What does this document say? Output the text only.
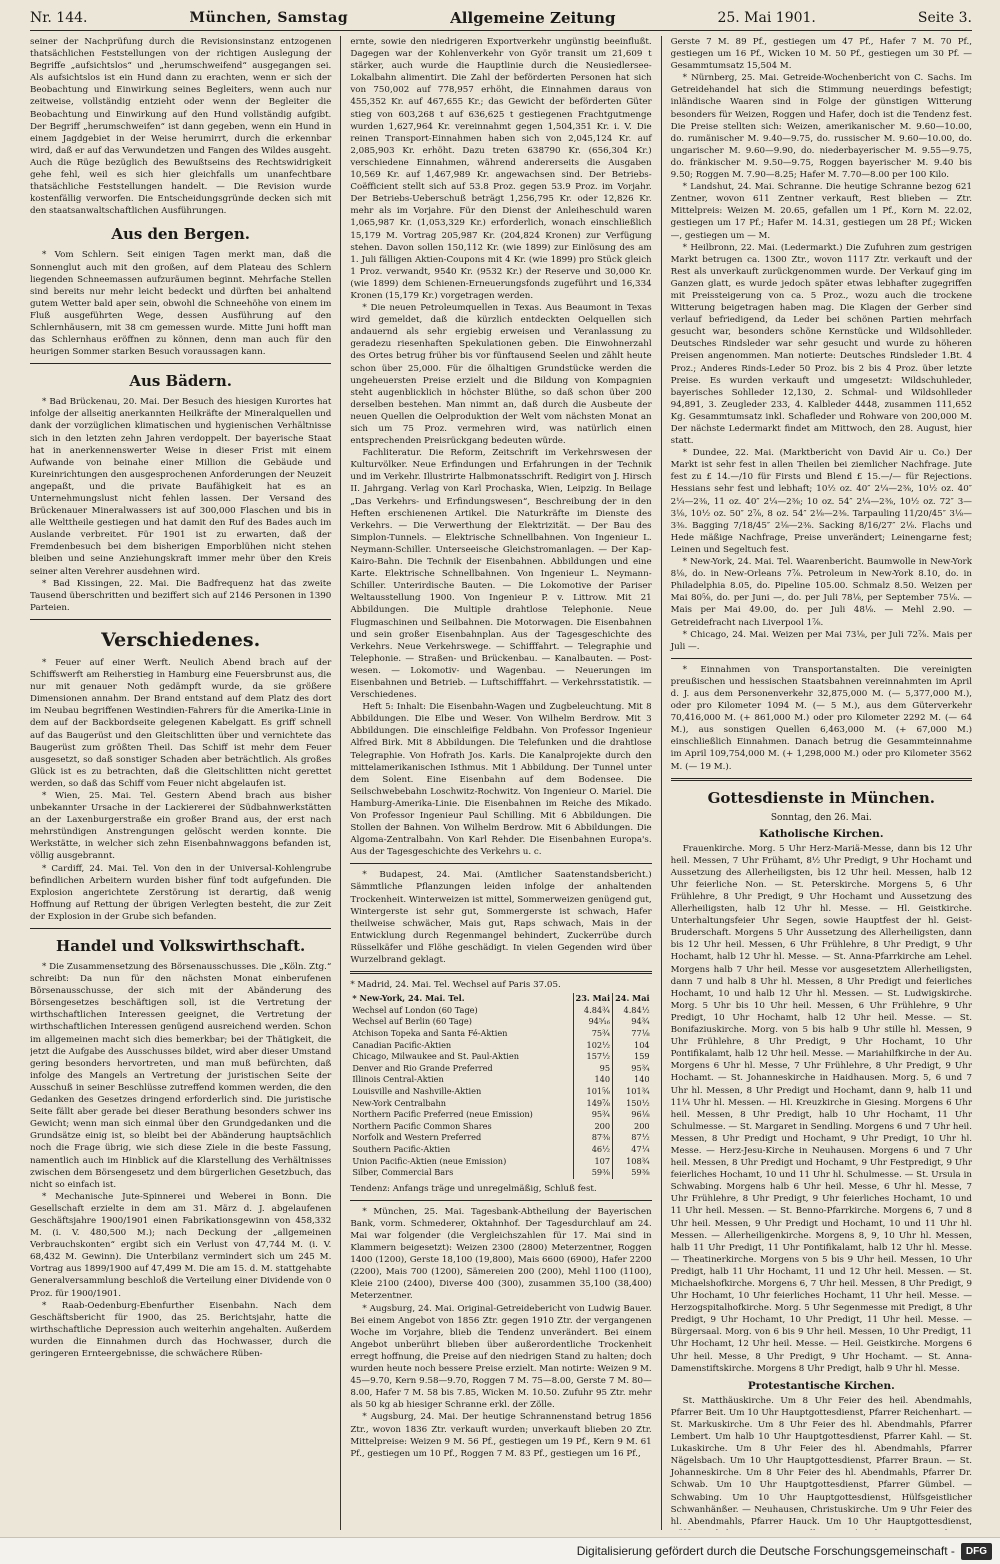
Nr. 144.	München, Samstag	Allgemeine Zeitung	25. Mai 1901.	Seite 3.

seiner der Nachprüfung durch die Revisionsinstanz entzogenen thatsächlichen Feststellungen von der richtigen Auslegung der Begriffe „aufsichtslos“ und „herumschweifend“ ausgegangen sei. Als aufsichtslos ist ein Hund dann zu erachten, wenn er sich der Beobachtung und Einwirkung seines Begleiters, wenn auch nur zeitweise, vollständig entzieht oder wenn der Begleiter die Beobachtung und Einwirkung auf den Hund vollständig aufgibt. Der Begriff „herumschweifen“ ist dann gegeben, wenn ein Hund in einem Jagdgebiet in der Weise herumirrt, durch die erkennbar wird, daß er auf das Verwundetzen und Fangen des Wildes ausgeht. Auch die Rüge bezüglich des Bewußtseins des Rechtswidrigkeit gehe fehl, weil es sich hier gleichfalls um unanfechtbare thatsächliche Feststellungen handelt. — Die Revision wurde kostenfällig verworfen. Die Entscheidungsgründe decken sich mit den staatsanwaltschaftlichen Ausführungen.

Aus den Bergen.

* Vom Schlern. Seit einigen Tagen merkt man, daß die Sonnenglut auch mit den großen, auf dem Plateau des Schlern liegenden Schneemassen aufzuräumen beginnt. Mehrfache Stellen sind bereits nur mehr leicht bedeckt und dürften bei anhaltend gutem Wetter bald aper sein, obwohl die Schneehöhe von einem im Fluß ausgeführten Wege, dessen Ausführung auf den Schlernhäusern, mit 38 cm gemessen wurde. Mitte Juni hofft man das Schlernhaus eröffnen zu können, denn man auch für den heurigen Sommer starken Besuch voraussagen kann.

Aus Bädern.

* Bad Brückenau, 20. Mai. Der Besuch des hiesigen Kurortes hat infolge der allseitig anerkannten Heilkräfte der Mineralquellen und dank der vorzüglichen klimatischen und hygienischen Verhältnisse sich in den letzten zehn Jahren verdoppelt. Der bayerische Staat hat in anerkennenswerter Weise in dieser Frist mit einem Aufwande von beinahe einer Million die Gebäude und Kureinrichtungen den ausgesprochenen Anforderungen der Neuzeit angepaßt, und die private Baufähigkeit hat es an Unternehmungslust nicht fehlen lassen. Der Versand des Brückenauer Mineralwassers ist auf 300,000 Flaschen und bis in alle Welttheile gestiegen und hat damit den Ruf des Bades auch im Auslande verbreitet. Für 1901 ist zu erwarten, daß der Fremdenbesuch bei dem bisherigen Emporblühen nicht stehen bleiben und seine Anziehungskraft immer mehr über den Kreis seiner alten Verehrer ausdehnen wird.

* Bad Kissingen, 22. Mai. Die Badfrequenz hat das zweite Tausend überschritten und beziffert sich auf 2146 Personen in 1390 Parteien.

Verschiedenes.

* Feuer auf einer Werft. Neulich Abend brach auf der Schiffswerft am Reiherstieg in Hamburg eine Feuersbrunst aus, die nur mit genauer Noth gedämpft wurde, da sie größere Dimensionen annahm. Der Brand entstand auf dem Platz des dort im Neubau begriffenen Westindien-Fahrers für die Amerika-Linie in dem auf der Backbordseite gelegenen Kabelgatt. Es griff schnell auf das Baugerüst und den Gleitschlitten über und vernichtete das Baugerüst zum größten Theil. Das Schiff ist mehr dem Feuer ausgesetzt, so daß sonstiger Schaden aber beträchtlich. Als großes Glück ist es zu betrachten, daß die Gleitschlitten nicht gerettet werden, so daß das Schiff vom Feuer nicht abgelaufen ist.

* Wien, 25. Mai. Tel. Gestern Abend brach aus bisher unbekannter Ursache in der Lackiererei der Südbahnwerkstätten an der Laxenburgerstraße ein großer Brand aus, der erst nach mehrstündigen Anstrengungen gelöscht werden konnte. Die Werkstätte, in welcher sich zehn Eisenbahnwaggons befanden ist, völlig ausgebrannt.

* Cardiff, 24. Mai. Tel. Von den in der Universal-Kohlengrube befindlichen Arbeitern wurden bisher fünf todt aufgefunden. Die Explosion angerichtete Zerstörung ist derartig, daß wenig Hoffnung auf Rettung der übrigen Verlegten besteht, die zur Zeit der Explosion in der Grube sich befanden.

Handel und Volkswirthschaft.

* Die Zusammensetzung des Börsenausschusses. Die „Köln. Ztg.“ schreibt: Da nun für den nächsten Monat einberufenen Börsenausschusse, der sich mit der Abänderung des Börsengesetzes beschäftigen soll, ist die Vertretung der wirthschaftlichen Interessen geeignet, die Vertretung der wirthschaftlichen Interessen genügend ausreichend werden. Schon im allgemeinen macht sich dies bemerkbar; bei der Thätigkeit, die jetzt die Aufgabe des Ausschusses bildet, wird aber dieser Umstand gering besonders hervortreten, und man muß befürchten, daß infolge des Mangels an Vertretung der juristischen Seite der Ausschuß in seiner Beschlüsse zutreffend kommen werden, die den Gedanken des Gesetzes dringend erforderlich sind. Die juristische Seite fällt aber gerade bei dieser Berathung besonders schwer ins Gewicht; wenn man sich einmal über den Grundgedanken und die Grundsätze einig ist, so bleibt bei der Abänderung hauptsächlich noch die Frage übrig, wie sich diese Ziele in die beste Fassung, namentlich auch im Hinblick auf die Klarstellung des Verhältnisses zwischen dem Börsengesetz und dem bürgerlichen Gesetzbuch, das nicht so einfach ist.

* Mechanische Jute-Spinnerei und Weberei in Bonn. Die Gesellschaft erzielte in dem am 31. März d. J. abgelaufenen Geschäftsjahre 1900/1901 einen Fabrikationsgewinn von 458,332 M. (i. V. 480,500 M.); nach Deckung der „allgemeinen Verbrauchskonten“ ergibt sich ein Verlust von 47,744 M. (i. V. 68,432 M. Gewinn). Die Unterbilanz vermindert sich um 245 M. Vortrag aus 1899/1900 auf 47,499 M. Die am 15. d. M. stattgehabte Generalversammlung beschloß die Verteilung einer Dividende von 0 Proz. für 1900/1901.

* Raab-Oedenburg-Ebenfurther Eisenbahn. Nach dem Geschäftsbericht für 1900, das 25. Berichtsjahr, hatte die wirthschaftliche Depression auch weiterhin angehalten. Außerdem wurden die Einnahmen durch das Hochwasser, durch die geringeren Ernteergebnisse, die schwächere Rüben-

ernte, sowie den niedrigeren Exportverkehr ungünstig beeinflußt. Dagegen war der Kohlenverkehr von Györ transit um 21,609 t stärker, auch wurde die Hauptlinie durch die Neusiedlersee-Lokalbahn alimentirt. Die Zahl der beförderten Personen hat sich von 750,002 auf 778,957 erhöht, die Einnahmen daraus von 455,352 Kr. auf 467,655 Kr.; das Gewicht der beförderten Güter stieg von 603,268 t auf 636,625 t gestiegenen Frachtgutmenge wurden 1,627,964 Kr. vereinnahmt gegen 1,504,351 Kr. i. V. Die reinen Transport-Einnahmen haben sich von 2,045,124 Kr. auf 2,085,903 Kr. erhöht. Dazu treten 638790 Kr. (656,304 Kr.) verschiedene Einnahmen, während andererseits die Ausgaben 10,569 Kr. auf 1,467,989 Kr. angewachsen sind. Der Betriebs-Coëfficient stellt sich auf 53.8 Proz. gegen 53.9 Proz. im Vorjahr. Der Betriebs-Ueberschuß beträgt 1,256,795 Kr. oder 12,826 Kr. mehr als im Vorjahre. Für den Dienst der Anleiheschuld waren 1,065,987 Kr. (1,053,329 Kr.) erforderlich, wonach einschließlich 15,179 M. Vortrag 205,987 Kr. (204,824 Kronen) zur Verfügung stehen. Davon sollen 150,112 Kr. (wie 1899) zur Einlösung des am 1. Juli fälligen Aktien-Coupons mit 4 Kr. (wie 1899) pro Stück gleich 1 Proz. verwandt, 9540 Kr. (9532 Kr.) der Reserve und 30,000 Kr. (wie 1899) dem Schienen-Erneuerungsfonds zugeführt und 16,334 Kronen (15,179 Kr.) vorgetragen werden.

* Die neuen Petroleumquellen in Texas. Aus Beaumont in Texas wird gemeldet, daß die kürzlich entdeckten Oelquellen sich andauernd als sehr ergiebig erweisen und Veranlassung zu geradezu riesenhaften Spekulationen geben. Die Einwohnerzahl des Ortes betrug früher bis vor fünftausend Seelen und zählt heute schon über 25,000. Für die ölhaltigen Grundstücke werden die ungeheuersten Preise erzielt und die Bildung von Kompagnien steht augenblicklich in höchster Blüthe, so daß schon über 200 derselben bestehen. Man nimmt an, daß durch die Ausbeute der neuen Quellen die Oelproduktion der Welt vom nächsten Monat an sich um 75 Proz. vermehren wird, was natürlich einen entsprechenden Preisrückgang bedeuten würde.

Fachliteratur. Die Reform, Zeitschrift im Verkehrswesen der Kulturvölker. Neue Erfindungen und Erfahrungen in der Technik und im Verkehr. Illustrirte Halbmonatsschrift. Redigirt von J. Hirsch II. Jahrgang. Verlag von Karl Prochaska, Wien, Leipzig. In Beilage „Das Verkehrs- und Erfindungswesen“, Beschreibung der in den Heften erschienenen Artikel. Die Naturkräfte im Dienste des Verkehrs. — Die Verwerthung der Elektrizität. — Der Bau des Simplon-Tunnels. — Elektrische Schnellbahnen. Von Ingenieur L. Neymann-Schiller. Unterseeische Gleichstromanlagen. — Der Kap-Kairo-Bahn. Die Technik der Eisenbahnen. Abbildungen und eine Karte. Elektrische Schnellbahnen. Von Ingenieur L. Neymann-Schiller. Unterirdische Bauten. — Die Lokomotive der Pariser Weltausstellung 1900. Von Ingenieur P. v. Littrow. Mit 21 Abbildungen. Die Multiple drahtlose Telephonie. Neue Flugmaschinen und Seilbahnen. Die Motorwagen. Die Eisenbahnen und sein großer Eisenbahnplan. Aus der Tagesgeschichte des Verkehrs. Neue Verkehrswege. — Schifffahrt. — Telegraphie und Telephonie. — Straßen- und Brückenbau. — Kanalbauten. — Post-wesen. — Lokomotiv- und Wagenbau. — Neuerungen im Eisenbahnen und Betrieb. — Luftschifffahrt. — Verkehrsstatistik. — Verschiedenes.

Heft 5: Inhalt: Die Eisenbahn-Wagen und Zugbeleuchtung. Mit 8 Abbildungen. Die Elbe und Weser. Von Wilhelm Berdrow. Mit 3 Abbildungen. Die einschleifige Feldbahn. Von Professor Ingenieur Alfred Birk. Mit 8 Abbildungen. Die Telefunken und die drahtlose Telegraphie. Von Hofrath Jos. Karls. Die Kanalprojekte durch den mittelamerikanischen Isthmus. Mit 1 Abbildung. Der Tunnel unter dem Solent. Eine Eisenbahn auf dem Bodensee. Die Seilschwebebahn Loschwitz-Rochwitz. Von Ingenieur O. Mariel. Die Hamburg-Amerika-Linie. Die Eisenbahnen im Reiche des Mikado. Von Professor Ingenieur Paul Schilling. Mit 6 Abbildungen. Die Stollen der Bahnen. Von Wilhelm Berdrow. Mit 6 Abbildungen. Die Algoma-Zentralbahn. Von Karl Rehder. Die Eisenbahnen Europa's. Aus der Tagesgeschichte des Verkehrs u. c.

* Budapest, 24. Mai. (Amtlicher Saatenstandsbericht.) Sämmtliche Pflanzungen leiden infolge der anhaltenden Trockenheit. Winterweizen ist mittel, Sommerweizen genügend gut, Wintergerste ist sehr gut, Sommergerste ist schwach, Hafer theilweise schwächer, Mais gut, Raps schwach, Mais in der Entwicklung durch Regenmangel behindert, Zuckerrübe durch Rüsselkäfer und Flöhe geschädigt. In vielen Gegenden wird über Wurzelbrand geklagt.

* Madrid, 24. Mai. Tel. Wechsel auf Paris 37.05.

* New-York, 24. Mai. Tel.	23. Mai	24. Mai
Wechsel auf London (60 Tage)	4.84¾	4.84½
Wechsel auf Berlin (60 Tage)	94⁵⁄₁₆	94¾
Atchison Topeka and Santa Fé-Aktien	75¾	77⅛
Canadian Pacific-Aktien	102½	104
Chicago, Milwaukee and St. Paul-Aktien	157½	159
Denver and Rio Grande Preferred	95	95¾
Illinois Central-Aktien	140	140
Louisville and Nashville-Aktien	101⅝	101¾
New-York Centralbahn	149⅞	150½
Northern Pacific Preferred (neue Emission)	95¾	96⅛
Northern Pacific Common Shares	200	200
Norfolk and Western Preferred	87⅜	87½
Southern Pacific-Aktien	46½	47¼
Union Pacific-Aktien (neue Emission)	107	108¾
Silber, Commercial Bars	59⅜	59⅜

Tendenz: Anfangs träge und unregelmäßig, Schluß fest.

* München, 25. Mai. Tagesbank-Abtheilung der Bayerischen Bank, vorm. Schmederer, Oktahnhof. Der Tagesdurchlauf am 24. Mai war folgender (die Vergleichszahlen für 17. Mai sind in Klammern beigesetzt): Weizen 2300 (2800) Meterzentner, Roggen 1400 (1200), Gerste 18,100 (19,800), Mais 6600 (6900), Hafer 2200 (2200), Mais 700 (1200), Sämereien 200 (200), Mehl 1100 (1100), Kleie 2100 (2400), Diverse 400 (300), zusammen 35,100 (38,400) Meterzentner.

* Augsburg, 24. Mai. Original-Getreidebericht von Ludwig Bauer. Bei einem Angebot von 1856 Ztr. gegen 1910 Ztr. der vergangenen Woche im Vorjahre, blieb die Tendenz unverändert. Bei einem Angebot unberührt blieben über außerordentliche Trockenheit erregt hoffnung, die Preise auf den niedrigen Stand zu halten; doch wurden heute noch bessere Preise erzielt. Man notirte: Weizen 9 M. 45—9.70, Kern 9.58—9.70, Roggen 7 M. 75—8.00, Gerste 7 M. 80—8.00, Hafer 7 M. 58 bis 7.85, Wicken M. 10.50. Zufuhr 95 Ztr. mehr als 50 kg ab hiesiger Schranne erkl. der Zölle.

* Augsburg, 24. Mai. Der heutige Schrannenstand betrug 1856 Ztr., wovon 1836 Ztr. verkauft wurden; unverkauft blieben 20 Ztr. Mittelpreise: Weizen 9 M. 56 Pf., gestiegen um 19 Pf., Kern 9 M. 61 Pf., gestiegen um 10 Pf., Roggen 7 M. 83 Pf., gestiegen um 16 Pf.,

Gerste 7 M. 89 Pf., gestiegen um 47 Pf., Hafer 7 M. 70 Pf., gestiegen um 16 Pf., Wicken 10 M. 50 Pf., gestiegen um 30 Pf. — Gesammtumsatz 15,504 M.

* Nürnberg, 25. Mai. Getreide-Wochenbericht von C. Sachs. Im Getreidehandel hat sich die Stimmung neuerdings befestigt; inländische Waaren sind in Folge der günstigen Witterung besonders für Weizen, Roggen und Hafer, doch ist die Tendenz fest. Die Preise stellten sich: Weizen, amerikanischer M. 9.60—10.00, do. rumänischer M. 9.40—9.75, do. russischer M. 9.60—10.00, do. ungarischer M. 9.60—9.90, do. niederbayerischer M. 9.55—9.75, do. fränkischer M. 9.50—9.75, Roggen bayerischer M. 9.40 bis 9.50; Roggen M. 7.90—8.25; Hafer M. 7.70—8.00 per 100 Kilo.

* Landshut, 24. Mai. Schranne. Die heutige Schranne bezog 621 Zentner, wovon 611 Zentner verkauft, Rest blieben — Ztr. Mittelpreis: Weizen M. 20.65, gefallen um 1 Pf., Korn M. 22.02, gestiegen um 17 Pf.; Hafer M. 14.31, gestiegen um 28 Pf.; Wicken —, gestiegen um — M.

* Heilbronn, 22. Mai. (Ledermarkt.) Die Zufuhren zum gestrigen Markt betrugen ca. 1300 Ztr., wovon 1117 Ztr. verkauft und der Rest als unverkauft zurückgenommen wurde. Der Verkauf ging im Ganzen glatt, es wurde jedoch später etwas lebhafter zugegriffen mit Preissteigerung von ca. 5 Proz., wozu auch die trockene Witterung beigetragen haben mag. Die Klagen der Gerber sind verlauf befriedigend, da Leder bei schönen Partien mehrfach gesucht war, besonders schöne Kernstücke und Wildsohlleder. Deutsches Rindsleder war sehr gesucht und wurde zu höheren Preisen angenommen. Man notierte: Deutsches Rindsleder 1.Bt. 4 Proz.; Anderes Rinds-Leder 50 Proz. bis 2 bis 4 Proz. über letzte Preise. Es wurden verkauft und umgesetzt: Wildschuhleder, bayerisches Sohlleder 12,130, 2. Schmal- und Wildsohlleder 94,891, 3. Zeugleder 233, 4. Kalbleder 4448, zusammen 111,652 Kg. Gesammtumsatz inkl. Schafleder und Rohware von 200,000 M. Der nächste Ledermarkt findet am Mittwoch, den 28. August, hier statt.

* Dundee, 22. Mai. (Marktbericht von David Air u. Co.) Der Markt ist sehr fest in allen Theilen bei ziemlicher Nachfrage. Jute fest zu £ 14.—/10 für Firsts und Blend £ 15.—/— für Rejections. Hessians sehr fest und lebhaft; 10½ oz. 40″ 2¼—2⅜, 10½ oz. 40″ 2¼—2⅜, 11 oz. 40″ 2¼—2⅜; 10 oz. 54″ 2¼—2⅜, 10½ oz. 72″ 3—3⅛, 10½ oz. 50″ 2⅞, 8 oz. 54″ 2⅛—2⅜. Tarpauling 11/20/45″ 3⅛—3⅜. Bagging 7/18/45″ 2⅛—2⅜. Sacking 8/16/27″ 2⅛. Flachs und Hede mäßige Nachfrage, Preise unverändert; Leinengarne fest; Leinen und Segeltuch fest.

* New-York, 24. Mai. Tel. Waarenbericht. Baumwolle in New-York 8⅛, do. in New-Orleans 7⅞. Petroleum in New-York 8.10, do. in Philadelphia 8.05, do. Pipeline 105.00. Schmalz 8.50. Weizen per Mai 80⅝, do. per Juni —, do. per Juli 78⅛, per September 75⅛. — Mais per Mai 49.00, do. per Juli 48⅛. — Mehl 2.90. — Getreidefracht nach Liverpool 1⅞.

* Chicago, 24. Mai. Weizen per Mai 73⅛, per Juli 72⅞. Mais per Juli —.

* Einnahmen von Transportanstalten. Die vereinigten preußischen und hessischen Staatsbahnen vereinnahmten im April d. J. aus dem Personenverkehr 32,875,000 M. (— 5,377,000 M.), oder pro Kilometer 1094 M. (— 5 M.), aus dem Güterverkehr 70,416,000 M. (+ 861,000 M.) oder pro Kilometer 2292 M. (— 64 M.), aus sonstigen Quellen 6,463,000 M. (+ 67,000 M.) einschließlich Einnahmen. Danach betrug die Gesammteinnahme im April 109,754,000 M. (+ 1,298,000 M.) oder pro Kilometer 3562 M. (— 19 M.).

Gottesdienste in München.
Sonntag, den 26. Mai.
Katholische Kirchen.

Frauenkirche. Morg. 5 Uhr Herz-Mariä-Messe, dann bis 12 Uhr heil. Messen, 7 Uhr Frühamt, 8½ Uhr Predigt, 9 Uhr Hochamt und Aussetzung des Allerheiligsten, bis 12 Uhr heil. Messen, halb 12 Uhr feierliche Non. — St. Peterskirche. Morgens 5, 6 Uhr Frühlehre, 8 Uhr Predigt, 9 Uhr Hochamt und Aussetzung des Allerheiligsten, halb 12 Uhr hl. Messe. — Hl. Geistkirche. Unterhaltungsfeier Uhr Segen, sowie Hauptfest der hl. Geist-Bruderschaft. Morgens 5 Uhr Aussetzung des Allerheiligsten, dann bis 12 Uhr heil. Messen, 6 Uhr Frühlehre, 8 Uhr Predigt, 9 Uhr Hochamt, halb 12 Uhr hl. Messe. — St. Anna-Pfarrkirche am Lehel. Morgens halb 7 Uhr heil. Messe vor ausgesetztem Allerheiligsten, dann 7 und halb 8 Uhr hl. Messen, 8 Uhr Predigt und feierliches Hochamt, 10 und halb 12 Uhr hl. Messen. — St. Ludwigskirche. Morg. 5 Uhr bis 10 Uhr heil. Messen, 6 Uhr Frühlehre, 9 Uhr Predigt, 10 Uhr Hochamt, halb 12 Uhr heil. Messe. — St. Bonifaziuskirche. Morg. von 5 bis halb 9 Uhr stille hl. Messen, 9 Uhr Frühlehre, 8 Uhr Predigt, 9 Uhr Hochamt, 10 Uhr Pontifikalamt, halb 12 Uhr heil. Messe. — Mariahilfkirche in der Au. Morgens 6 Uhr hl. Messe, 7 Uhr Frühlehre, 8 Uhr Predigt, 9 Uhr Hochamt. — St. Johanneskirche in Haidhausen. Morg. 5, 6 und 7 Uhr hl. Messen, 8 Uhr Predigt und Hochamt, dann 9, halb 11 und 11¼ Uhr hl. Messen. — Hl. Kreuzkirche in Giesing. Morgens 6 Uhr heil. Messen, 8 Uhr Predigt, halb 10 Uhr Hochamt, 11 Uhr Schulmesse. — St. Margaret in Sendling. Morgens 6 und 7 Uhr heil. Messen, 8 Uhr Predigt und Hochamt, 9 Uhr Predigt, 10 Uhr hl. Messe. — Herz-Jesu-Kirche in Neuhausen. Morgens 6 und 7 Uhr heil. Messen, 8 Uhr Predigt und Hochamt, 9 Uhr Festpredigt, 9 Uhr feierliches Hochamt, 10 und 11 Uhr hl. Schulmesse. — St. Ursula in Schwabing. Morgens halb 6 Uhr heil. Messe, 6 Uhr hl. Messe, 7 Uhr Frühlehre, 8 Uhr Predigt, 9 Uhr feierliches Hochamt, 10 und 11 Uhr heil. Messen. — St. Benno-Pfarrkirche. Morgens 6, 7 und 8 Uhr heil. Messen, 9 Uhr Predigt und Hochamt, 10 und 11 Uhr hl. Messen. — Allerheiligenkirche. Morgens 8, 9, 10 Uhr hl. Messen, halb 11 Uhr Predigt, 11 Uhr Pontifikalamt, halb 12 Uhr hl. Messe. — Theatinerkirche. Morgens von 5 bis 9 Uhr heil. Messen, 10 Uhr Predigt, halb 11 Uhr Hochamt, 11 und 12 Uhr heil. Messen. — St. Michaelshofkirche. Morgens 6, 7 Uhr heil. Messen, 8 Uhr Predigt, 9 Uhr Hochamt, 10 Uhr feierliches Hochamt, 11 Uhr heil. Messe. — Herzogspitalhofkirche. Morg. 5 Uhr Segenmesse mit Predigt, 8 Uhr Predigt, 9 Uhr Hochamt, 10 Uhr Predigt, 11 Uhr heil. Messe. — Bürgersaal. Morg. von 6 bis 9 Uhr heil. Messen, 10 Uhr Predigt, 11 Uhr Hochamt, 12 Uhr heil. Messe. — Heil. Geistkirche. Morgens 6 Uhr heil. Messe, 8 Uhr Predigt, 9 Uhr Hochamt. — St. Anna-Damenstiftskirche. Morgens 8 Uhr Predigt, halb 9 Uhr hl. Messe.

Protestantische Kirchen.

St. Matthäuskirche. Um 8 Uhr Feier des heil. Abendmahls, Pfarrer Beit. Um 10 Uhr Hauptgottesdienst, Pfarrer Reichenhart. — St. Markuskirche. Um 8 Uhr Feier des hl. Abendmahls, Pfarrer Lembert. Um halb 10 Uhr Hauptgottesdienst, Pfarrer Kahl. — St. Lukaskirche. Um 8 Uhr Feier des hl. Abendmahls, Pfarrer Nägelsbach. Um 10 Uhr Hauptgottesdienst, Pfarrer Braun. — St. Johanneskirche. Um 8 Uhr Feier des hl. Abendmahls, Pfarrer Dr. Schwab. Um 10 Uhr Hauptgottesdienst, Pfarrer Gümbel. — Schwabing. Um 10 Uhr Hauptgottesdienst, Hülfsgeistlicher Schwanhänßer. — Neuhausen, Christuskirche. Um 9 Uhr Feier des hl. Abendmahls, Pfarrer Hauck. Um 10 Uhr Hauptgottesdienst,

Digitalisierung gefördert durch die Deutsche Forschungsgemeinschaft -	DFG
